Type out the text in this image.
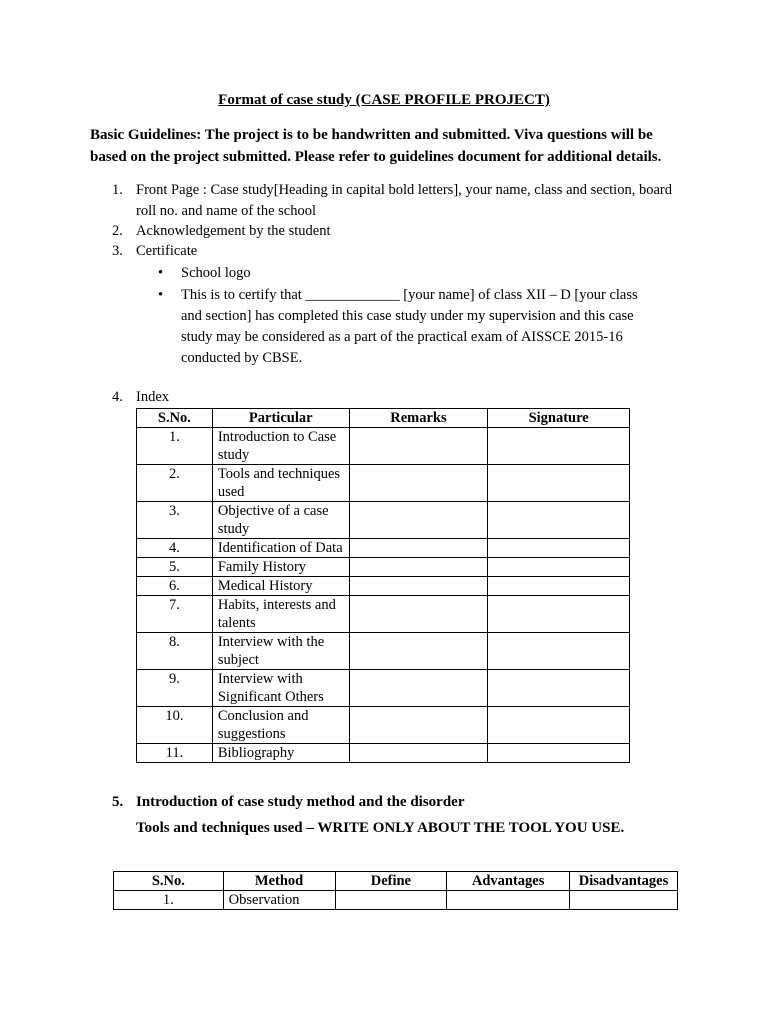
Format of case study (CASE PROFILE PROJECT)
Basic Guidelines: The project is to be handwritten and submitted. Viva questions will be based on the project submitted. Please refer to guidelines document for additional details.
1. Front Page : Case study[Heading in capital bold letters], your name, class and section, board roll no. and name of the school
2. Acknowledgement by the student
3. Certificate
• School logo
• This is to certify that _____________ [your name] of class XII – D [your class and section] has completed this case study under my supervision and this case study may be considered as a part of the practical exam of AISSCE 2015-16 conducted by CBSE.
4. Index
S.No.	Particular	Remarks	Signature
1.	Introduction to Case study		
2.	Tools and techniques used		
3.	Objective of a case study		
4.	Identification of Data		
5.	Family History		
6.	Medical History		
7.	Habits, interests and talents		
8.	Interview with the subject		
9.	Interview with Significant Others		
10.	Conclusion and suggestions		
11.	Bibliography		
5. Introduction of case study method and the disorder
Tools and techniques used – WRITE ONLY ABOUT THE TOOL YOU USE.
S.No.	Method	Define	Advantages	Disadvantages
1.	Observation			
